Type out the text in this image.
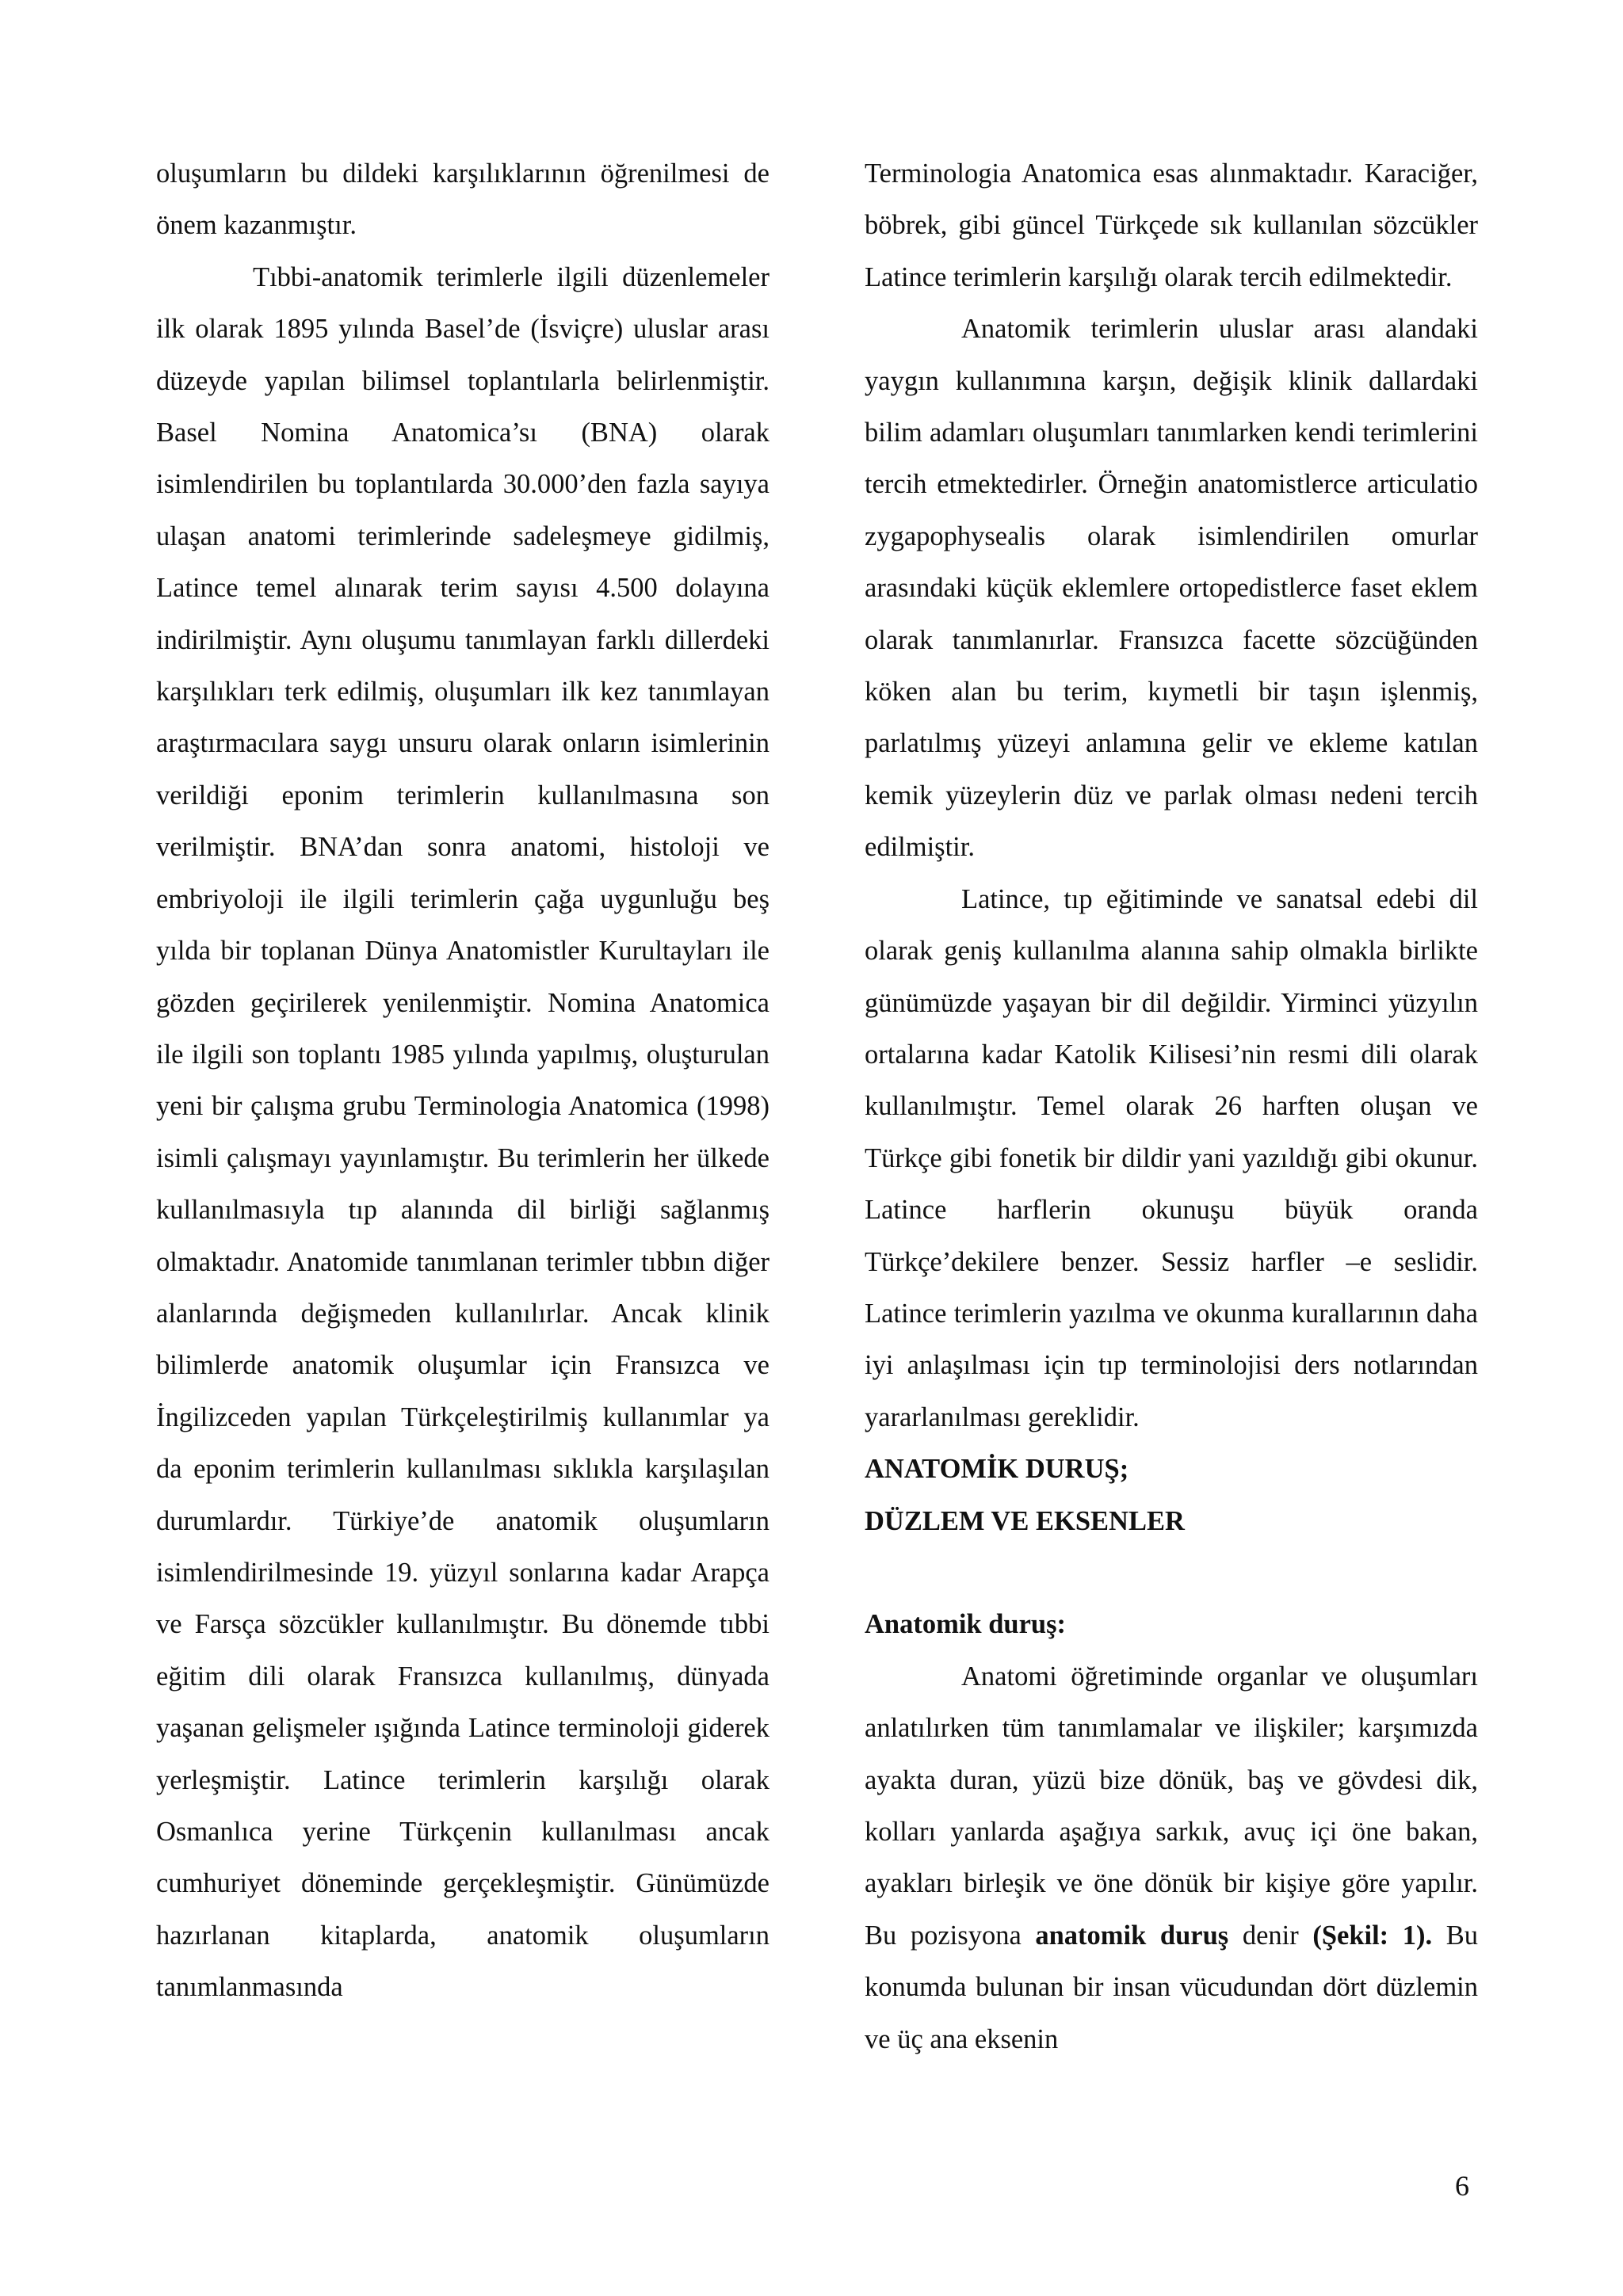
oluşumların bu dildeki karşılıklarının öğrenilmesi de önem kazanmıştır.

Tıbbi-anatomik terimlerle ilgili düzenlemeler ilk olarak 1895 yılında Basel’de (İsviçre) uluslar arası düzeyde yapılan bilimsel toplantılarla belirlenmiştir. Basel Nomina Anatomica’sı (BNA) olarak isimlendirilen bu toplantılarda 30.000’den fazla sayıya ulaşan anatomi terimlerinde sadeleşmeye gidilmiş, Latince temel alınarak terim sayısı 4.500 dolayına indirilmiştir. Aynı oluşumu tanımlayan farklı dillerdeki karşılıkları terk edilmiş, oluşumları ilk kez tanımlayan araştırmacılara saygı unsuru olarak onların isimlerinin verildiği eponim terimlerin kullanılmasına son verilmiştir. BNA’dan sonra anatomi, histoloji ve embriyoloji ile ilgili terimlerin çağa uygunluğu beş yılda bir toplanan Dünya Anatomistler Kurultayları ile gözden geçirilerek yenilenmiştir. Nomina Anatomica ile ilgili son toplantı 1985 yılında yapılmış, oluşturulan yeni bir çalışma grubu Terminologia Anatomica (1998) isimli çalışmayı yayınlamıştır. Bu terimlerin her ülkede kullanılmasıyla tıp alanında dil birliği sağlanmış olmaktadır. Anatomide tanımlanan terimler tıbbın diğer alanlarında değişmeden kullanılırlar. Ancak klinik bilimlerde anatomik oluşumlar için Fransızca ve İngilizceden yapılan Türkçeleştirilmiş kullanımlar ya da eponim terimlerin kullanılması sıklıkla karşılaşılan durumlardır. Türkiye’de anatomik oluşumların isimlendirilmesinde 19. yüzyıl sonlarına kadar Arapça ve Farsça sözcükler kullanılmıştır. Bu dönemde tıbbi eğitim dili olarak Fransızca kullanılmış, dünyada yaşanan gelişmeler ışığında Latince terminoloji giderek yerleşmiştir. Latince terimlerin karşılığı olarak Osmanlıca yerine Türkçenin kullanılması ancak cumhuriyet döneminde gerçekleşmiştir. Günümüzde hazırlanan kitaplarda, anatomik oluşumların tanımlanmasında

Terminologia Anatomica esas alınmaktadır. Karaciğer, böbrek, gibi güncel Türkçede sık kullanılan sözcükler Latince terimlerin karşılığı olarak tercih edilmektedir.

Anatomik terimlerin uluslar arası alandaki yaygın kullanımına karşın, değişik klinik dallardaki bilim adamları oluşumları tanımlarken kendi terimlerini tercih etmektedirler. Örneğin anatomistlerce articulatio zygapophysealis olarak isimlendirilen omurlar arasındaki küçük eklemlere ortopedistlerce faset eklem olarak tanımlanırlar. Fransızca facette sözcüğünden köken alan bu terim, kıymetli bir taşın işlenmiş, parlatılmış yüzeyi anlamına gelir ve ekleme katılan kemik yüzeylerin düz ve parlak olması nedeni tercih edilmiştir.

Latince, tıp eğitiminde ve sanatsal edebi dil olarak geniş kullanılma alanına sahip olmakla birlikte günümüzde yaşayan bir dil değildir. Yirminci yüzyılın ortalarına kadar Katolik Kilisesi’nin resmi dili olarak kullanılmıştır. Temel olarak 26 harften oluşan ve Türkçe gibi fonetik bir dildir yani yazıldığı gibi okunur. Latince harflerin okunuşu büyük oranda Türkçe’dekilere benzer. Sessiz harfler –e seslidir. Latince terimlerin yazılma ve okunma kurallarının daha iyi anlaşılması için tıp terminolojisi ders notlarından yararlanılması gereklidir.

ANATOMİK DURUŞ;
DÜZLEM VE EKSENLER
Anatomik duruş:

Anatomi öğretiminde organlar ve oluşumları anlatılırken tüm tanımlamalar ve ilişkiler; karşımızda ayakta duran, yüzü bize dönük, baş ve gövdesi dik, kolları yanlarda aşağıya sarkık, avuç içi öne bakan, ayakları birleşik ve öne dönük bir kişiye göre yapılır. Bu pozisyona anatomik duruş denir (Şekil: 1). Bu konumda bulunan bir insan vücudundan dört düzlemin ve üç ana eksenin

6
